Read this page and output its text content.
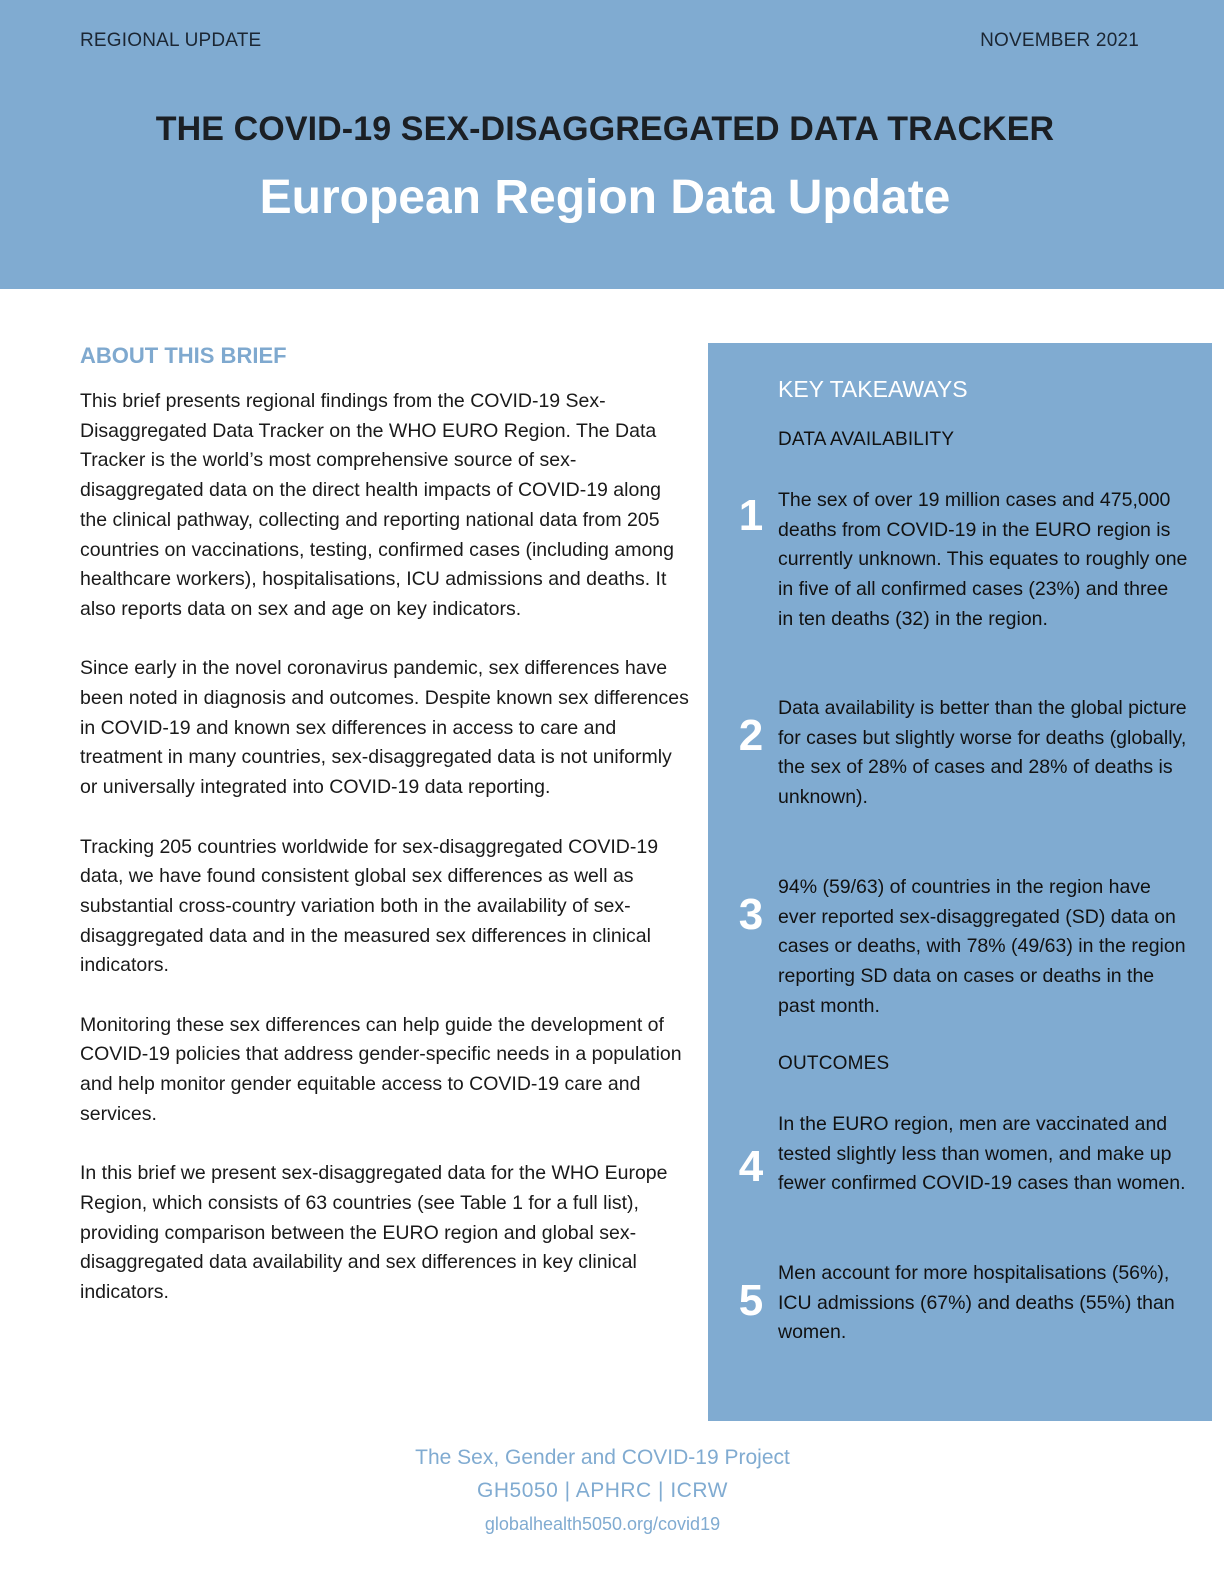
REGIONAL UPDATE	NOVEMBER 2021
THE COVID-19 SEX-DISAGGREGATED DATA TRACKER
European Region Data Update
ABOUT THIS BRIEF

This brief presents regional findings from the COVID-19 Sex-Disaggregated Data Tracker on the WHO EURO Region. The Data Tracker is the world’s most comprehensive source of sex-disaggregated data on the direct health impacts of COVID-19 along the clinical pathway, collecting and reporting national data from 205 countries on vaccinations, testing, confirmed cases (including among healthcare workers), hospitalisations, ICU admissions and deaths. It also reports data on sex and age on key indicators.

Since early in the novel coronavirus pandemic, sex differences have been noted in diagnosis and outcomes. Despite known sex differences in COVID-19 and known sex differences in access to care and treatment in many countries, sex-disaggregated data is not uniformly or universally integrated into COVID-19 data reporting.

Tracking 205 countries worldwide for sex-disaggregated COVID-19 data, we have found consistent global sex differences as well as substantial cross-country variation both in the availability of sex-disaggregated data and in the measured sex differences in clinical indicators.

Monitoring these sex differences can help guide the development of COVID-19 policies that address gender-specific needs in a population and help monitor gender equitable access to COVID-19 care and services.

In this brief we present sex-disaggregated data for the WHO Europe Region, which consists of 63 countries (see Table 1 for a full list), providing comparison between the EURO region and global sex-disaggregated data availability and sex differences in key clinical indicators.

KEY TAKEAWAYS
DATA AVAILABILITY
1 The sex of over 19 million cases and 475,000 deaths from COVID-19 in the EURO region is currently unknown. This equates to roughly one in five of all confirmed cases (23%) and three in ten deaths (32) in the region.
2
Data availability is better than the global picture for cases but slightly worse for deaths (globally, the sex of 28% of cases and 28% of deaths is unknown).
3
94% (59/63) of countries in the region have ever reported sex-disaggregated (SD) data on cases or deaths, with 78% (49/63) in the region reporting SD data on cases or deaths in the past month.
OUTCOMES
4
In the EURO region, men are vaccinated and tested slightly less than women, and make up fewer confirmed COVID-19 cases than women.
5
Men account for more hospitalisations (56%), ICU admissions (67%) and deaths (55%) than women.
The Sex, Gender and COVID-19 Project
GH5050 | APHRC | ICRW
globalhealth5050.org/covid19
